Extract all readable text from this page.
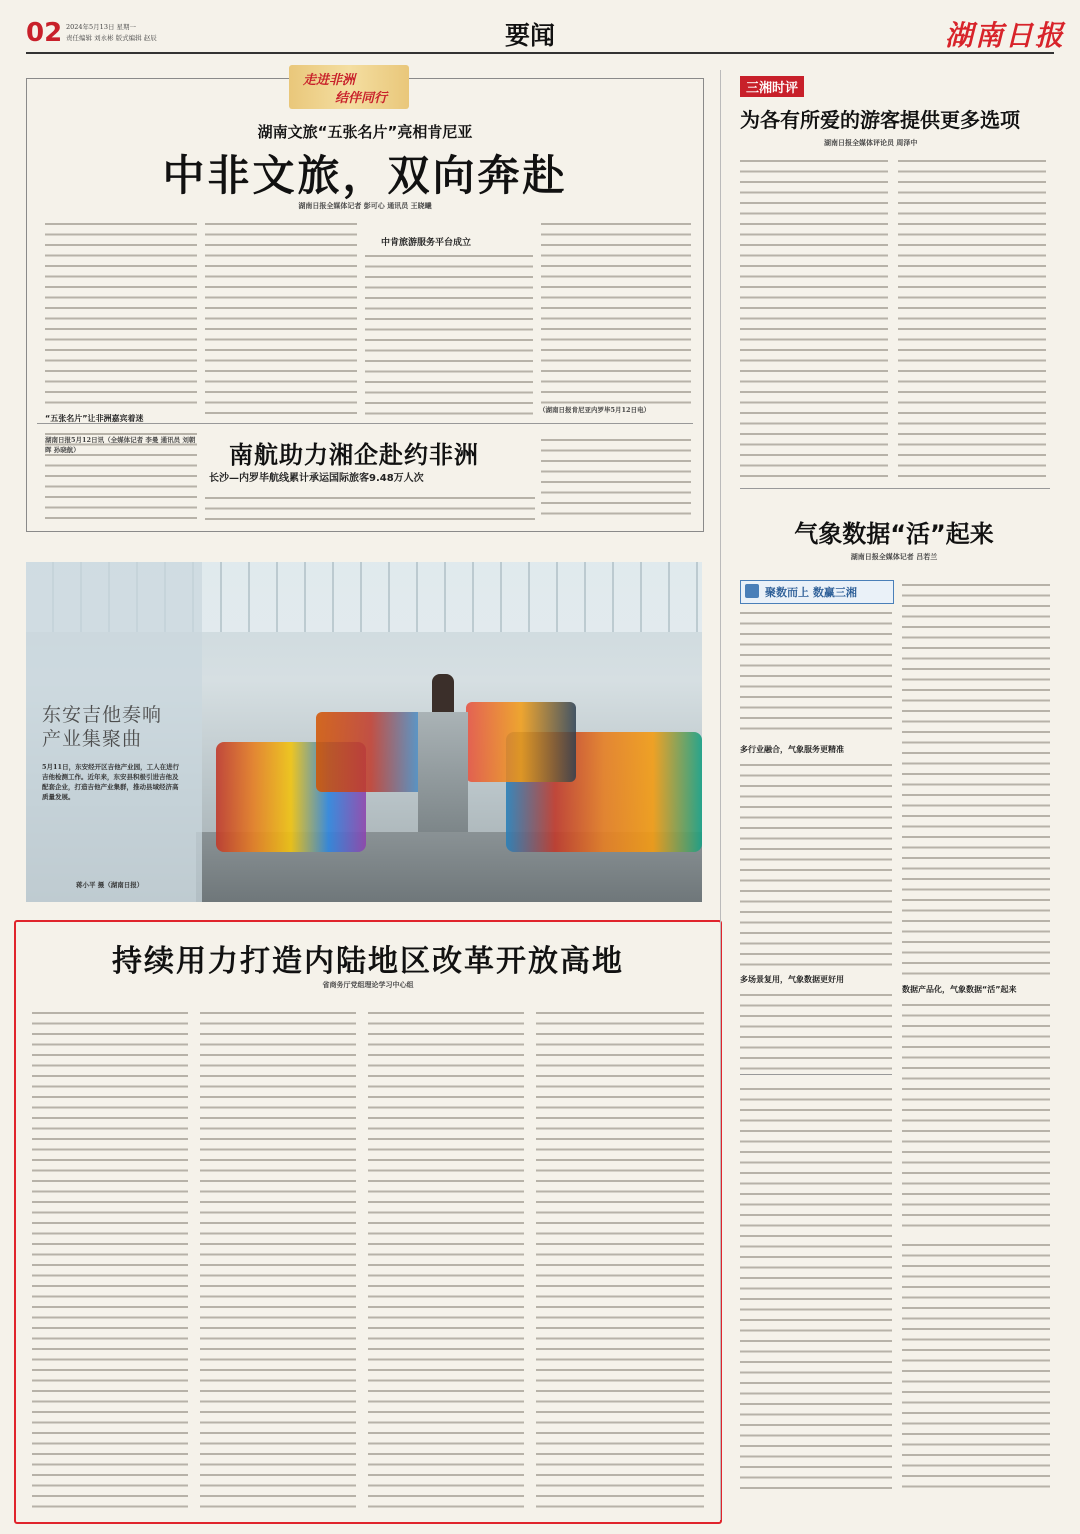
02 2024年5月13日 星期一
责任编辑 刘永彬 版式编辑 赵辰	要闻	湖南日报
走进非洲
结伴同行
湖南文旅“五张名片”亮相肯尼亚
中非文旅，双向奔赴
湖南日报全媒体记者 彭可心 通讯员 王晓曦
“五张名片”让非洲嘉宾着迷
中肯旅游服务平台成立
（湖南日报肯尼亚内罗毕5月12日电）
南航助力湘企赴约非洲
长沙—内罗毕航线累计承运国际旅客9.48万人次
湖南日报5月12日讯（全媒体记者 李曼 通讯员 刘朝晖 孙晓航）
三湘时评
为各有所爱的游客提供更多选项
湖南日报全媒体评论员 周泽中
气象数据“活”起来
湖南日报全媒体记者 吕若兰
聚数而上 数赢三湘
多行业融合，气象服务更精准
多场景复用，气象数据更好用
数据产品化，气象数据“活”起来
东安吉他奏响
产业集聚曲
5月11日，东安经开区吉他产业园，工人在进行吉他检测工作。近年来，东安县积极引进吉他及配套企业，打造吉他产业集群，推动县域经济高质量发展。
蒋小平 摄（湖南日报）
持续用力打造内陆地区改革开放高地
省商务厅党组理论学习中心组
